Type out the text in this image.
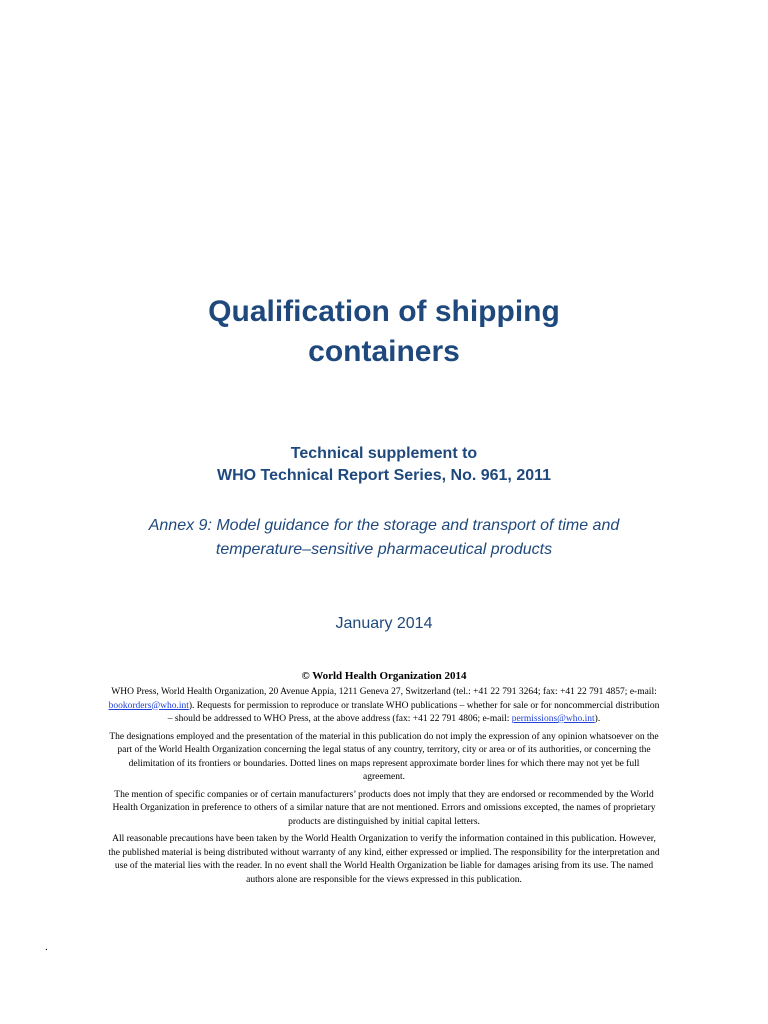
Qualification of shipping
containers
Technical supplement to
WHO Technical Report Series, No. 961, 2011
Annex 9: Model guidance for the storage and transport of time and
temperature–sensitive pharmaceutical products
January 2014
© World Health Organization 2014

WHO Press, World Health Organization, 20 Avenue Appia, 1211 Geneva 27, Switzerland (tel.: +41 22 791 3264; fax: +41 22 791 4857; e-mail: bookorders@who.int). Requests for permission to reproduce or translate WHO publications – whether for sale or for noncommercial distribution – should be addressed to WHO Press, at the above address (fax: +41 22 791 4806; e-mail: permissions@who.int).

The designations employed and the presentation of the material in this publication do not imply the expression of any opinion whatsoever on the part of the World Health Organization concerning the legal status of any country, territory, city or area or of its authorities, or concerning the delimitation of its frontiers or boundaries. Dotted lines on maps represent approximate border lines for which there may not yet be full agreement.

The mention of specific companies or of certain manufacturers’ products does not imply that they are endorsed or recommended by the World Health Organization in preference to others of a similar nature that are not mentioned. Errors and omissions excepted, the names of proprietary products are distinguished by initial capital letters.

All reasonable precautions have been taken by the World Health Organization to verify the information contained in this publication. However, the published material is being distributed without warranty of any kind, either expressed or implied. The responsibility for the interpretation and use of the material lies with the reader. In no event shall the World Health Organization be liable for damages arising from its use. The named authors alone are responsible for the views expressed in this publication.

.
